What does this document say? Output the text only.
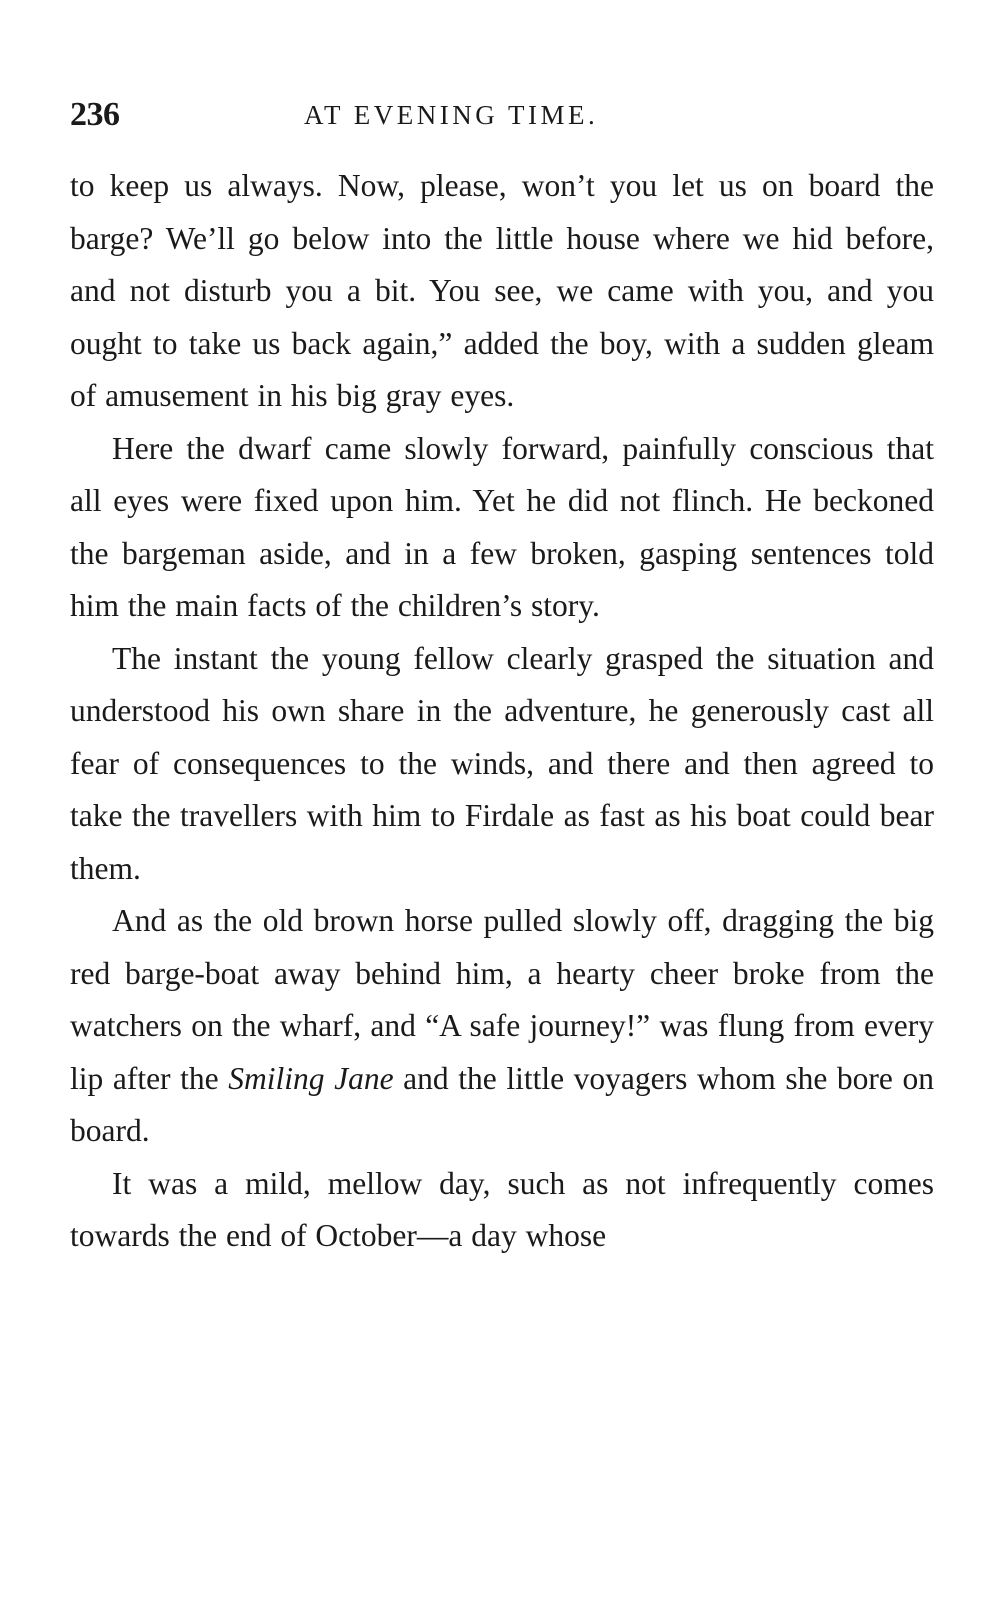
236	AT EVENING TIME.

to keep us always. Now, please, won’t you let us on board the barge? We’ll go below into the little house where we hid before, and not disturb you a bit. You see, we came with you, and you ought to take us back again,” added the boy, with a sudden gleam of amusement in his big gray eyes.

Here the dwarf came slowly forward, painfully conscious that all eyes were fixed upon him. Yet he did not flinch. He beckoned the bargeman aside, and in a few broken, gasping sentences told him the main facts of the children’s story.

The instant the young fellow clearly grasped the situation and understood his own share in the adventure, he generously cast all fear of consequences to the winds, and there and then agreed to take the travellers with him to Firdale as fast as his boat could bear them.

And as the old brown horse pulled slowly off, dragging the big red barge-boat away behind him, a hearty cheer broke from the watchers on the wharf, and “A safe journey!” was flung from every lip after the Smiling Jane and the little voyagers whom she bore on board.

It was a mild, mellow day, such as not infrequently comes towards the end of October—a day whose
